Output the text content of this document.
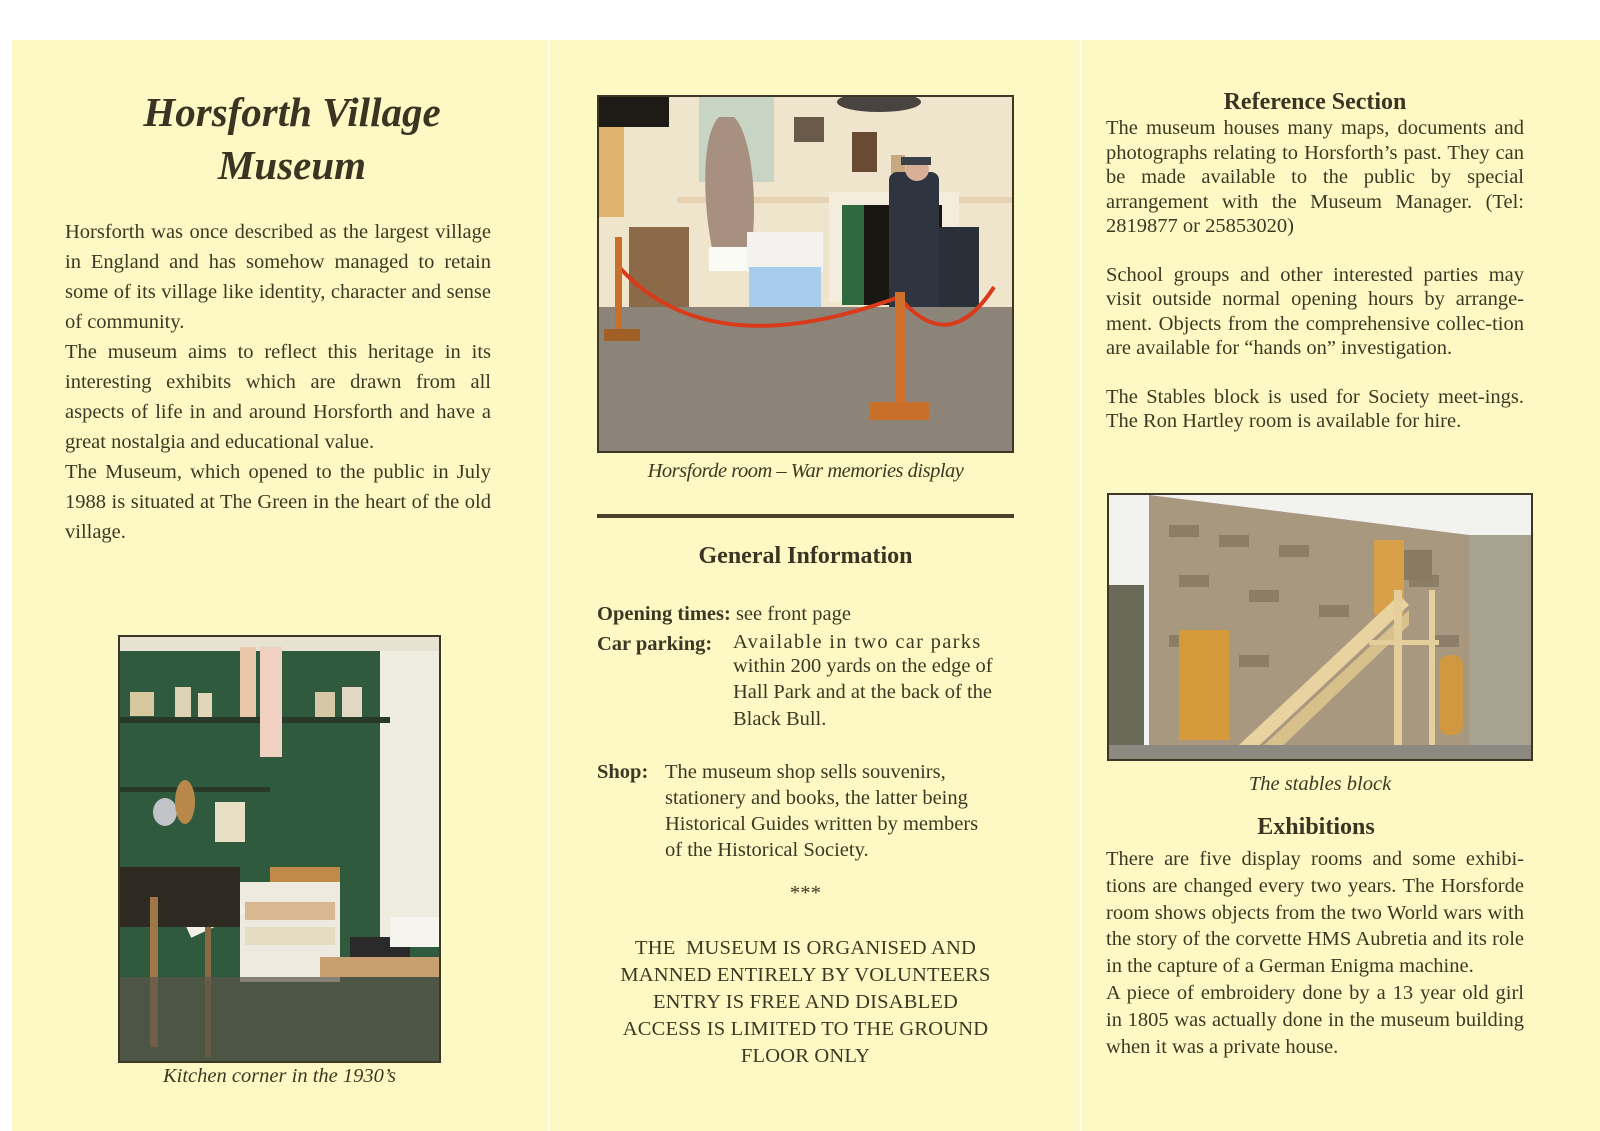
Horsforth Village
Museum

Horsforth was once described as the largest village in England and has somehow managed to retain some of its village like identity, character and sense of community.

The museum aims to reflect this heritage in its interesting exhibits which are drawn from all aspects of life in and around Horsforth and have a great nostalgia and educational value.

The Museum, which opened to the public in July 1988 is situated at The Green in the heart of the old village.

Kitchen corner in the 1930’s
Horsforde room – War memories display
General Information
Opening times: see front page
Car parking: Available in two car parks
within 200 yards on the edge of
Hall Park and at the back of the
Black Bull.
Shop: The museum shop sells souvenirs,
stationery and books, the latter being
Historical Guides written by members
of the Historical Society.
***
THE  MUSEUM IS ORGANISED AND
MANNED ENTIRELY BY VOLUNTEERS
ENTRY IS FREE AND DISABLED
ACCESS IS LIMITED TO THE GROUND
FLOOR ONLY
Reference Section

The museum houses many maps, documents and photographs relating to Horsforth’s past. They can be made available to the public by special arrangement with the Museum Manager. (Tel: 2819877 or 25853020)

School groups and other interested parties may visit outside normal opening hours by arrange-ment. Objects from the comprehensive collec-tion are available for “hands on” investigation.

The Stables block is used for Society meet-ings. The Ron Hartley room is available for hire.

The stables block
Exhibitions

There are five display rooms and some exhibi-tions are changed every two years. The Horsforde room shows objects from the two World wars with the story of the corvette HMS Aubretia and its role in the capture of a German Enigma machine.

A piece of embroidery done by a 13 year old girl in 1805 was actually done in the museum building when it was a private house.
